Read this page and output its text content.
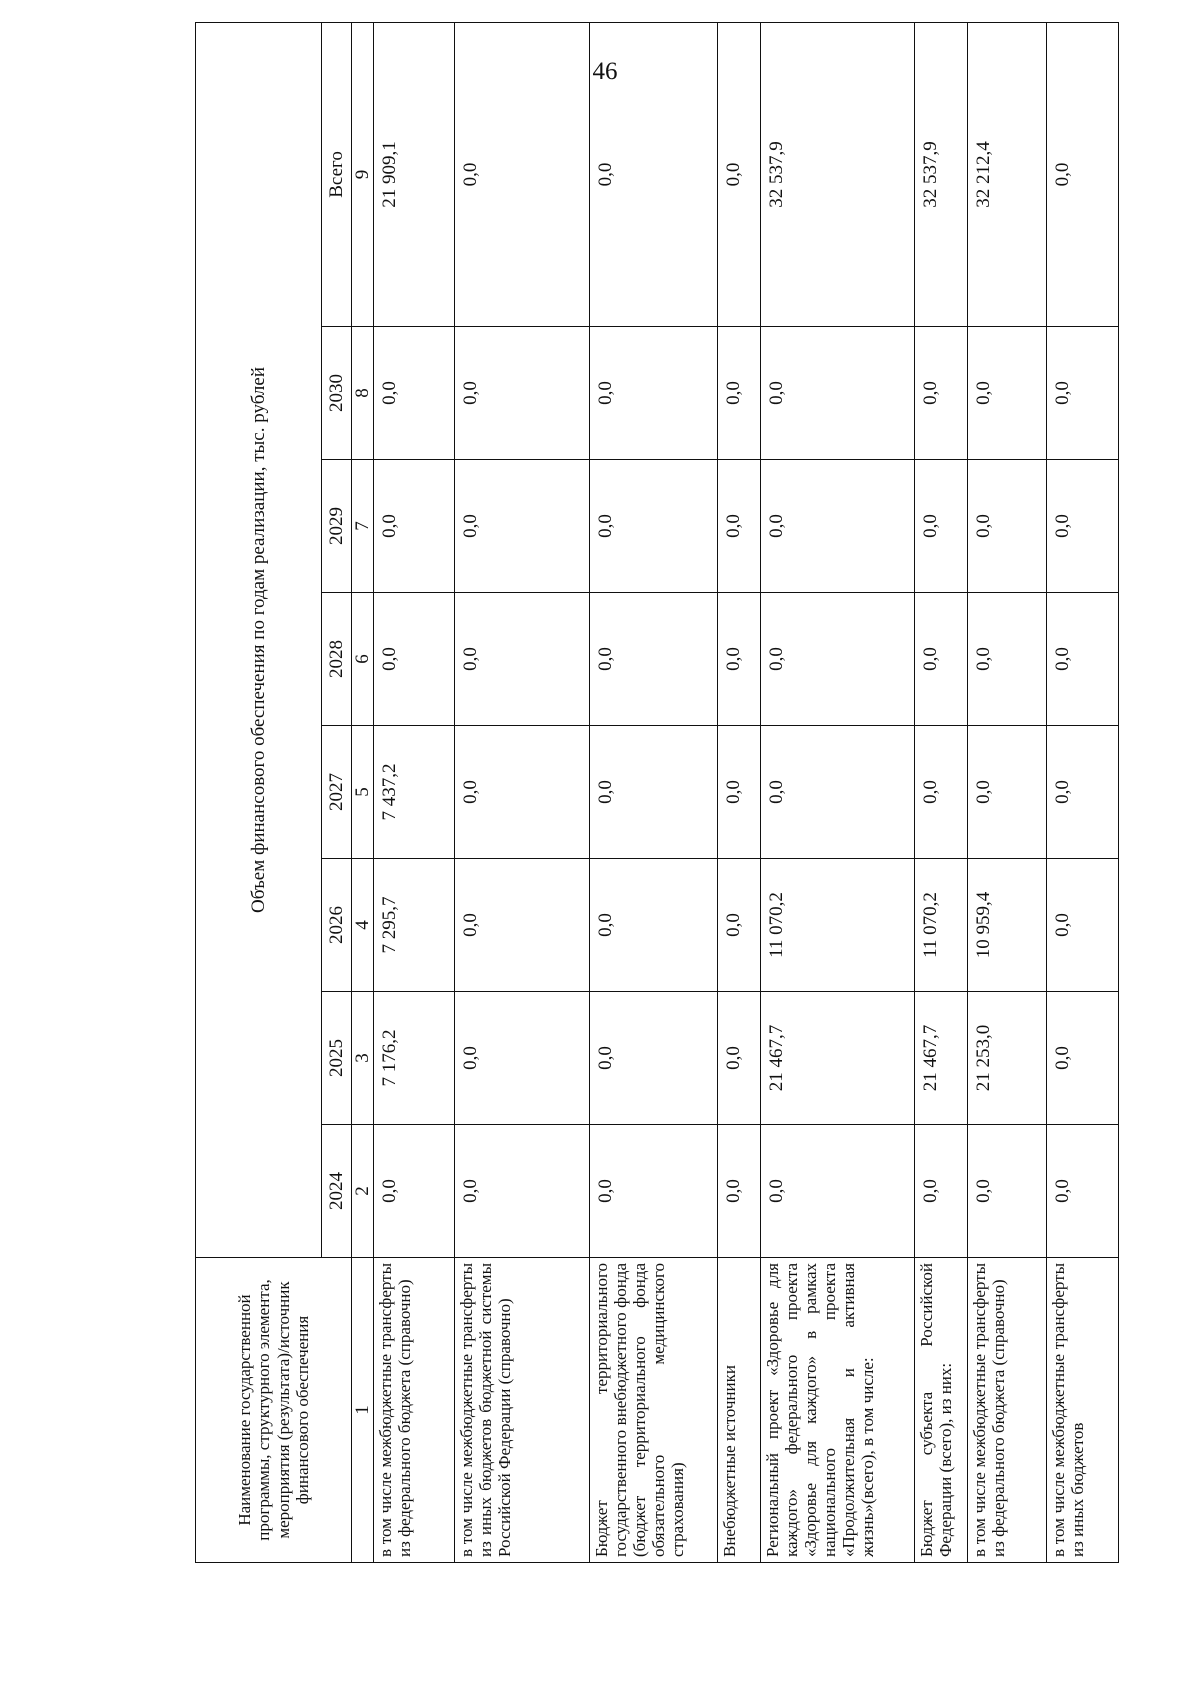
46
Наименование государственной программы, структурного элемента, мероприятия (результата)/источник финансового обеспечения	Объем финансового обеспечения по годам реализации, тыс. рублей							
	2024	2025	2026	2027	2028	2029	2030	Всего
1	2	3	4	5	6	7	8	9
в том числе межбюджетные трансферты из федерального бюджета (справочно)	0,0	7 176,2	7 295,7	7 437,2	0,0	0,0	0,0	21 909,1
в том числе межбюджетные трансферты из иных бюджетов бюджетной системы Российской Федерации (справочно)	0,0	0,0	0,0	0,0	0,0	0,0	0,0	0,0
Бюджет территориального государственного внебюджетного фонда (бюджет территориального фонда обязательного медицинского страхования)	0,0	0,0	0,0	0,0	0,0	0,0	0,0	0,0
Внебюджетные источники	0,0	0,0	0,0	0,0	0,0	0,0	0,0	0,0
Региональный проект «Здоровье для каждого» федерального проекта «Здоровье для каждого» в рамках национального проекта «Продолжительная и активная жизнь»(всего), в том числе:	0,0	21 467,7	11 070,2	0,0	0,0	0,0	0,0	32 537,9
Бюджет субъекта Российской Федерации (всего), из них:	0,0	21 467,7	11 070,2	0,0	0,0	0,0	0,0	32 537,9
в том числе межбюджетные трансферты из федерального бюджета (справочно)	0,0	21 253,0	10 959,4	0,0	0,0	0,0	0,0	32 212,4
в том числе межбюджетные трансферты из иных бюджетов	0,0	0,0	0,0	0,0	0,0	0,0	0,0	0,0
